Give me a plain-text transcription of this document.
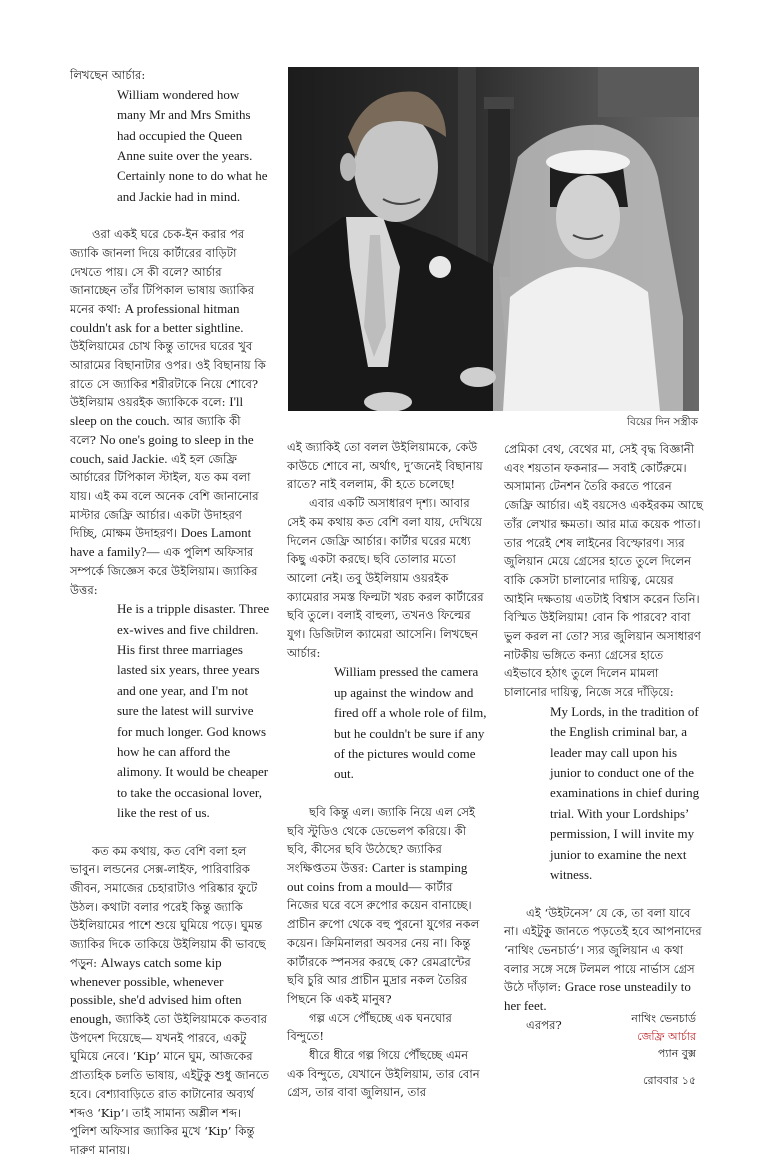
লিখছেন আর্চার:

William wondered how many Mr and Mrs Smiths had occupied the Queen Anne suite over the years. Certainly none to do what he and Jackie had in mind.

ওরা একই ঘরে চেক-ইন করার পর জ্যাকি জানলা দিয়ে কার্টারের বাড়িটা দেখতে পায়। সে কী বলে? আর্চার জানাচ্ছেন তাঁর টিপিকাল ভাষায় জ্যাকির মনের কথা: A professional hitman couldn't ask for a better sightline. উইলিয়ামের চোখ কিন্তু তাদের ঘরের খুব আরামের বিছানাটার ওপর। ওই বিছানায় কি রাতে সে জ্যাকির শরীরটাকে নিয়ে শোবে? উইলিয়াম ওয়রইক জ্যাকিকে বলে: I'll sleep on the couch. আর জ্যাকি কী বলে? No one's going to sleep in the couch, said Jackie. এই হল জেফ্রি আর্চারের টিপিকাল স্টাইল, যত কম বলা যায়। এই কম বলে অনেক বেশি জানানোর মাস্টার জেফ্রি আর্চার। একটা উদাহরণ দিচ্ছি, মোক্ষম উদাহরণ। Does Lamont have a family?— এক পুলিশ অফিসার সম্পর্কে জিজ্ঞেস করে উইলিয়াম। জ্যাকির উত্তর:

He is a tripple disaster. Three ex-wives and five children. His first three marriages lasted six years, three years and one year, and I'm not sure the latest will survive for much longer. God knows how he can afford the alimony. It would be cheaper to take the occasional lover, like the rest of us.

কত কম কথায়, কত বেশি বলা হল ভাবুন। লন্ডনের সেক্স-লাইফ, পারিবারিক জীবন, সমাজের চেহারাটাও পরিষ্কার ফুটে উঠল। কথাটা বলার পরেই কিন্তু জ্যাকি উইলিয়ামের পাশে শুয়ে ঘুমিয়ে পড়ে। ঘুমন্ত জ্যাকির দিকে তাকিয়ে উইলিয়াম কী ভাবছে পড়ুন: Always catch some kip whenever possible, whenever possible, she'd advised him often enough, জ্যাকিই তো উইলিয়ামকে কতবার উপদেশ দিয়েছে— যখনই পারবে, একটু ঘুমিয়ে নেবে। ‘Kip’ মানে ঘুম, আজকের প্রাত্যহিক চলতি ভাষায়, এইটুকু শুধু জানতে হবে। বেশ্যাবাড়িতে রাত কাটানোর অব্যর্থ শব্দও ‘Kip’। তাই সামান্য অশ্লীল শব্দ। পুলিশ অফিসার জ্যাকির মুখে ‘Kip’ কিন্তু দারুণ মানায়।

বিয়ের দিন সস্ত্রীক

এই জ্যাকিই তো বলল উইলিয়ামকে, কেউ কাউচে শোবে না, অর্থাৎ, দু’জনেই বিছানায় রাতে? নাই বললাম, কী হতে চলেছে!

এবার একটি অসাধারণ দৃশ্য। আবার সেই কম কথায় কত বেশি বলা যায়, দেখিয়ে দিলেন জেফ্রি আর্চার। কার্টার ঘরের মধ্যে কিছু একটা করছে। ছবি তোলার মতো আলো নেই। তবু উইলিয়াম ওয়রইক ক্যামেরার সমস্ত ফিল্মটা খরচ করল কার্টারের ছবি তুলে। বলাই বাহুল্য, তখনও ফিল্মের যুগ। ডিজিটাল ক্যামেরা আসেনি। লিখছেন আর্চার:

William pressed the camera up against the window and fired off a whole role of film, but he couldn't be sure if any of the pictures would come out.

ছবি কিন্তু এল। জ্যাকি নিয়ে এল সেই ছবি স্টুডিও থেকে ডেভেলপ করিয়ে। কী ছবি, কীসের ছবি উঠেছে? জ্যাকির সংক্ষিপ্ততম উত্তর: Carter is stamping out coins from a mould— কার্টার নিজের ঘরে বসে রুপোর কয়েন বানাচ্ছে। প্রাচীন রুপো থেকে বহু পুরনো যুগের নকল কয়েন। ক্রিমিনালরা অবসর নেয় না। কিন্তু কার্টারকে স্পনসর করছে কে? রেমব্রান্টের ছবি চুরি আর প্রাচীন মুদ্রার নকল তৈরির পিছনে কি একই মানুষ?

গল্প এসে পৌঁছচ্ছে এক ঘনঘোর বিন্দুতে!

ধীরে ধীরে গল্প গিয়ে পৌঁছচ্ছে এমন এক বিন্দুতে, যেখানে উইলিয়াম, তার বোন গ্রেস, তার বাবা জুলিয়ান, তার

প্রেমিকা বেথ, বেথের মা, সেই বৃদ্ধ বিজ্ঞানী এবং শয়তান ফকনার— সবাই কোর্টরুমে। অসামান্য টেনশন তৈরি করতে পারেন জেফ্রি আর্চার। এই বয়সেও একইরকম আছে তাঁর লেখার ক্ষমতা। আর মাত্র কয়েক পাতা। তার পরেই শেষ লাইনের বিস্ফোরণ। স্যর জুলিয়ান মেয়ে গ্রেসের হাতে তুলে দিলেন বাকি কেসটা চালানোর দায়িত্ব, মেয়ের আইনি দক্ষতায় এতটাই বিশ্বাস করেন তিনি। বিস্মিত উইলিয়াম! বোন কি পারবে? বাবা ভুল করল না তো? স্যর জুলিয়ান অসাধারণ নাটকীয় ভঙ্গিতে কন্যা গ্রেসের হাতে এইভাবে হঠাৎ তুলে দিলেন মামলা চালানোর দায়িত্ব, নিজে সরে দাঁড়িয়ে:

My Lords, in the tradition of the English criminal bar, a leader may call upon his junior to conduct one of the examinations in chief during trial. With your Lordships’ permission, I will invite my junior to examine the next witness.

এই ‘উইটনেস’ যে কে, তা বলা যাবে না। এইটুকু জানতে পড়তেই হবে আপনাদের ‘নাথিং ভেনচার্ড’। স্যর জুলিয়ান এ কথা বলার সঙ্গে সঙ্গে টলমল পায়ে নার্ভাস গ্রেস উঠে দাঁড়াল: Grace rose unsteadily to her feet.

এরপর?	নাথিং ভেনচার্ড
জেফ্রি আর্চার
প্যান বুক্স
রোববার ১৫
